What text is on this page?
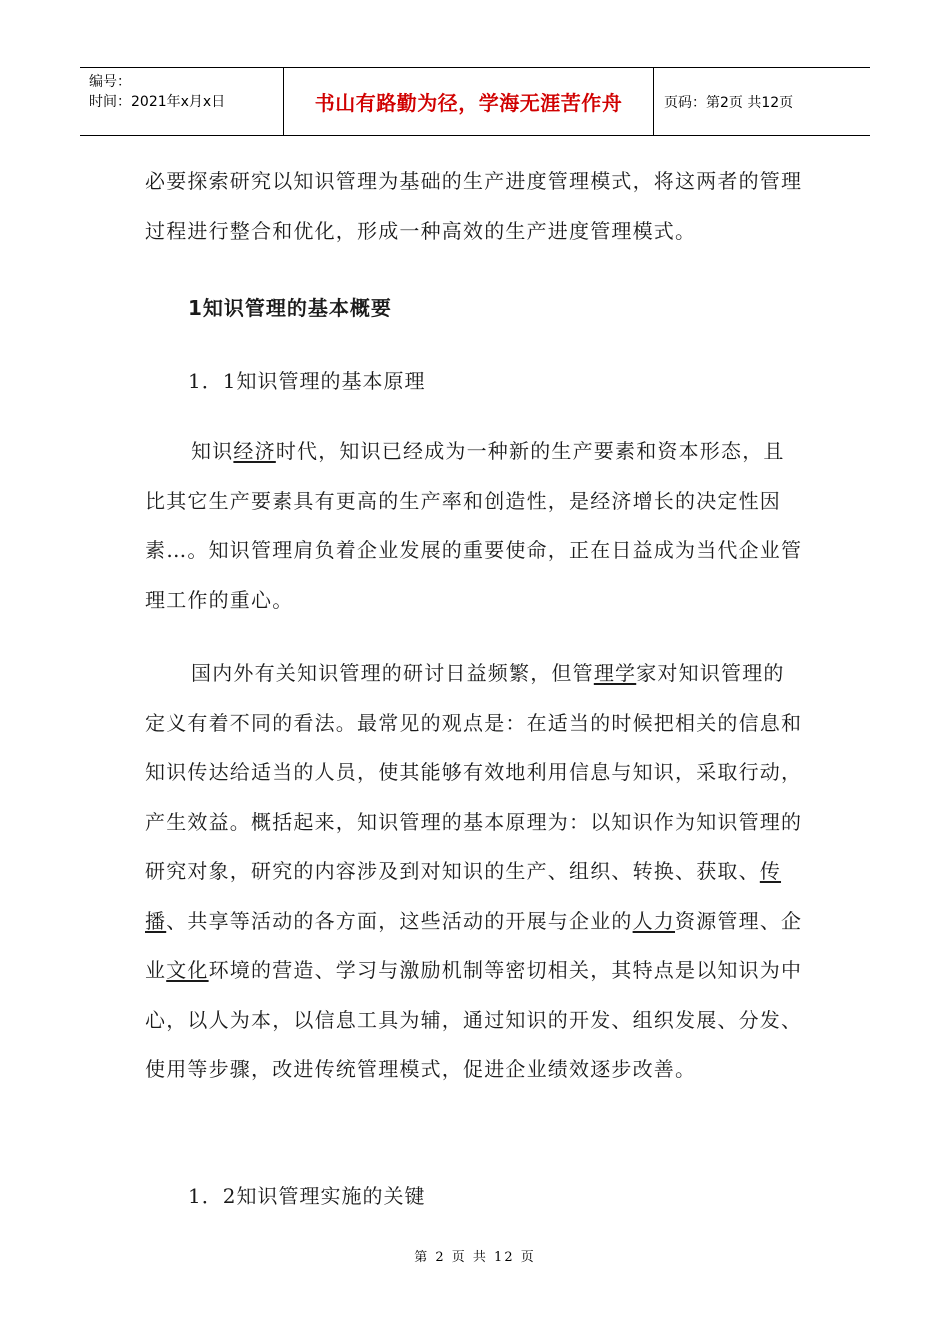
编号：
时间：2021年x月x日	书山有路勤为径，学海无涯苦作舟	页码：第2页 共12页

必要探索研究以知识管理为基础的生产进度管理模式，将这两者的管理过程进行整合和优化，形成一种高效的生产进度管理模式。

1知识管理的基本概要

1．1知识管理的基本原理

知识经济时代，知识已经成为一种新的生产要素和资本形态，且比其它生产要素具有更高的生产率和创造性，是经济增长的决定性因素…。知识管理肩负着企业发展的重要使命，正在日益成为当代企业管理工作的重心。

国内外有关知识管理的研讨日益频繁，但管理学家对知识管理的定义有着不同的看法。最常见的观点是：在适当的时候把相关的信息和知识传达给适当的人员，使其能够有效地利用信息与知识，采取行动，产生效益。概括起来，知识管理的基本原理为：以知识作为知识管理的研究对象，研究的内容涉及到对知识的生产、组织、转换、获取、传播、共享等活动的各方面，这些活动的开展与企业的人力资源管理、企业文化环境的营造、学习与激励机制等密切相关，其特点是以知识为中心，以人为本，以信息工具为辅，通过知识的开发、组织发展、分发、使用等步骤，改进传统管理模式，促进企业绩效逐步改善。

1．2知识管理实施的关键

第 2 页 共 12 页
